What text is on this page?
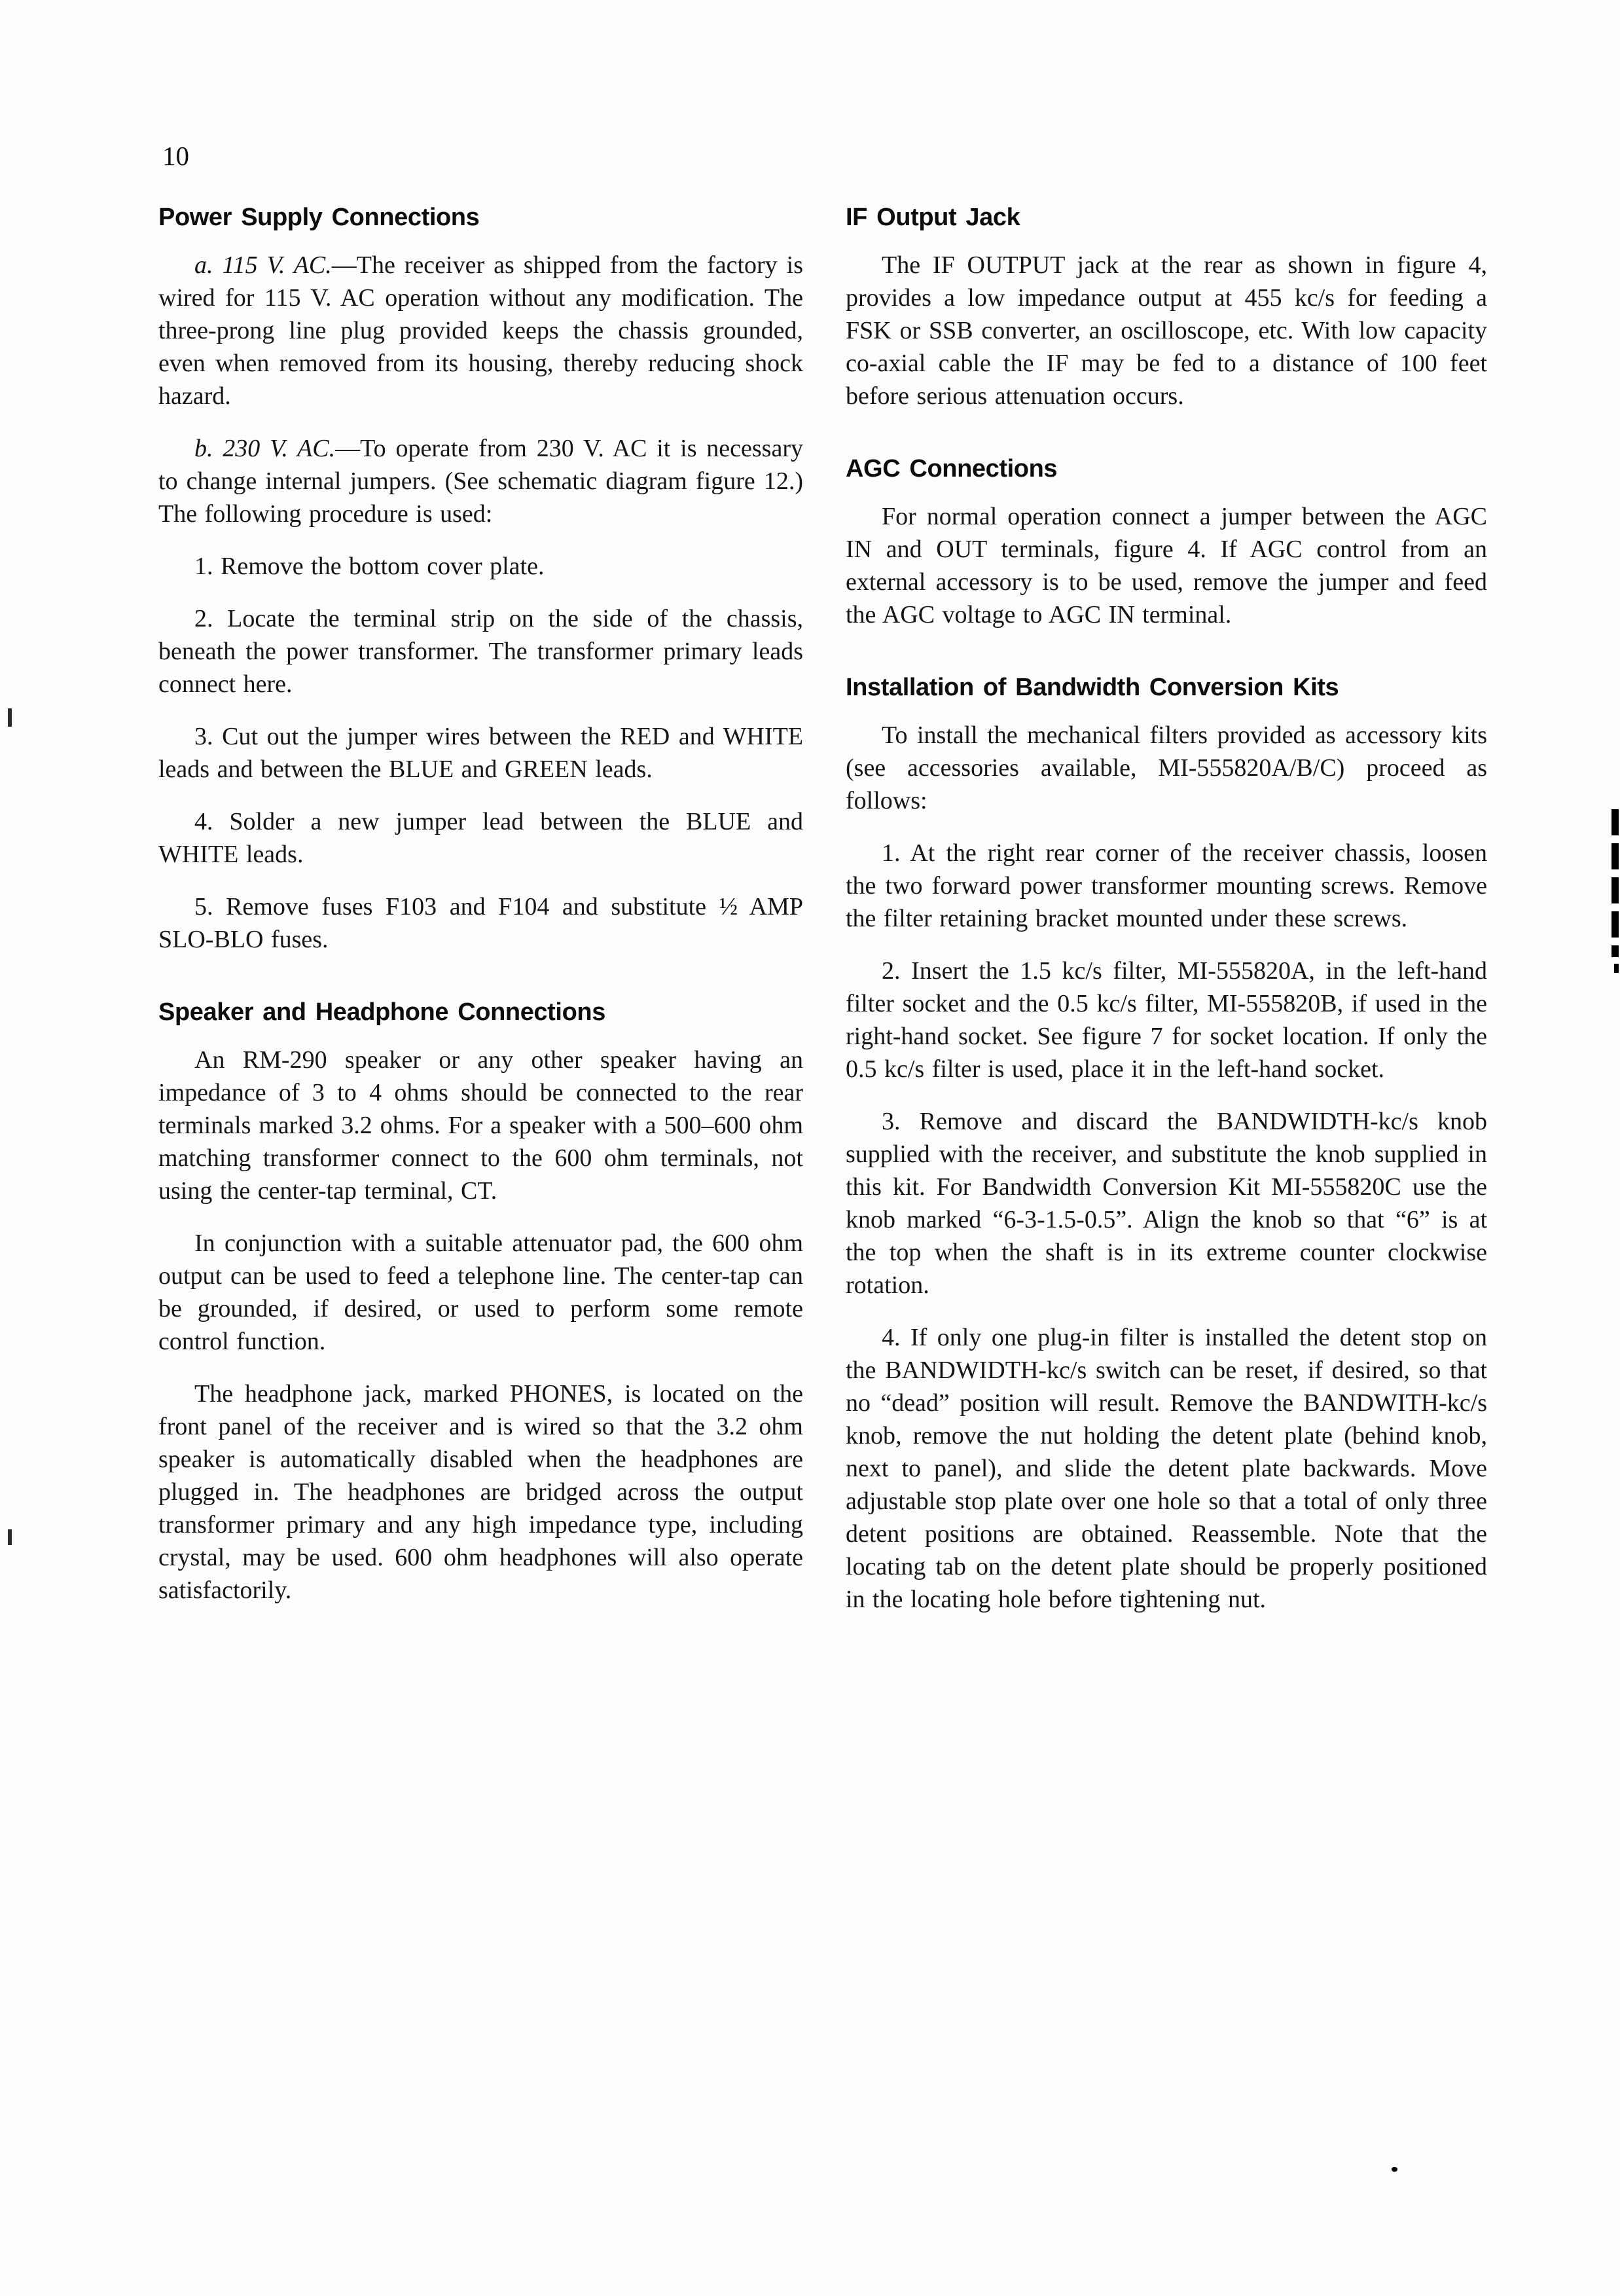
10
Power Supply Connections

a. 115 V. AC.—The receiver as shipped from the factory is wired for 115 V. AC operation without any modification. The three-prong line plug provided keeps the chassis grounded, even when removed from its housing, thereby reducing shock hazard.

b. 230 V. AC.—To operate from 230 V. AC it is necessary to change internal jumpers. (See schematic diagram figure 12.) The following procedure is used:

1. Remove the bottom cover plate.

2. Locate the terminal strip on the side of the chassis, beneath the power transformer. The transformer primary leads connect here.

3. Cut out the jumper wires between the RED and WHITE leads and between the BLUE and GREEN leads.

4. Solder a new jumper lead between the BLUE and WHITE leads.

5. Remove fuses F103 and F104 and substitute ½ AMP SLO-BLO fuses.

Speaker and Headphone Connections

An RM-290 speaker or any other speaker having an impedance of 3 to 4 ohms should be connected to the rear terminals marked 3.2 ohms. For a speaker with a 500–600 ohm matching transformer connect to the 600 ohm terminals, not using the center-tap terminal, CT.

In conjunction with a suitable attenuator pad, the 600 ohm output can be used to feed a telephone line. The center-tap can be grounded, if desired, or used to perform some remote control function.

The headphone jack, marked PHONES, is located on the front panel of the receiver and is wired so that the 3.2 ohm speaker is automatically disabled when the headphones are plugged in. The headphones are bridged across the output transformer primary and any high impedance type, including crystal, may be used. 600 ohm headphones will also operate satisfactorily.

IF Output Jack

The IF OUTPUT jack at the rear as shown in figure 4, provides a low impedance output at 455 kc/s for feeding a FSK or SSB converter, an oscilloscope, etc. With low capacity co-axial cable the IF may be fed to a distance of 100 feet before serious attenuation occurs.

AGC Connections

For normal operation connect a jumper between the AGC IN and OUT terminals, figure 4. If AGC control from an external accessory is to be used, remove the jumper and feed the AGC voltage to AGC IN terminal.

Installation of Bandwidth Conversion Kits

To install the mechanical filters provided as accessory kits (see accessories available, MI-555820A/B/C) proceed as follows:

1. At the right rear corner of the receiver chassis, loosen the two forward power transformer mounting screws. Remove the filter retaining bracket mounted under these screws.

2. Insert the 1.5 kc/s filter, MI-555820A, in the left-hand filter socket and the 0.5 kc/s filter, MI-555820B, if used in the right-hand socket. See figure 7 for socket location. If only the 0.5 kc/s filter is used, place it in the left-hand socket.

3. Remove and discard the BANDWIDTH-kc/s knob supplied with the receiver, and substitute the knob supplied in this kit. For Bandwidth Conversion Kit MI-555820C use the knob marked “6-3-1.5-0.5”. Align the knob so that “6” is at the top when the shaft is in its extreme counter clockwise rotation.

4. If only one plug-in filter is installed the detent stop on the BANDWIDTH-kc/s switch can be reset, if desired, so that no “dead” position will result. Remove the BANDWITH-kc/s knob, remove the nut holding the detent plate (behind knob, next to panel), and slide the detent plate backwards. Move adjustable stop plate over one hole so that a total of only three detent positions are obtained. Reassemble. Note that the locating tab on the detent plate should be properly positioned in the locating hole before tightening nut.
